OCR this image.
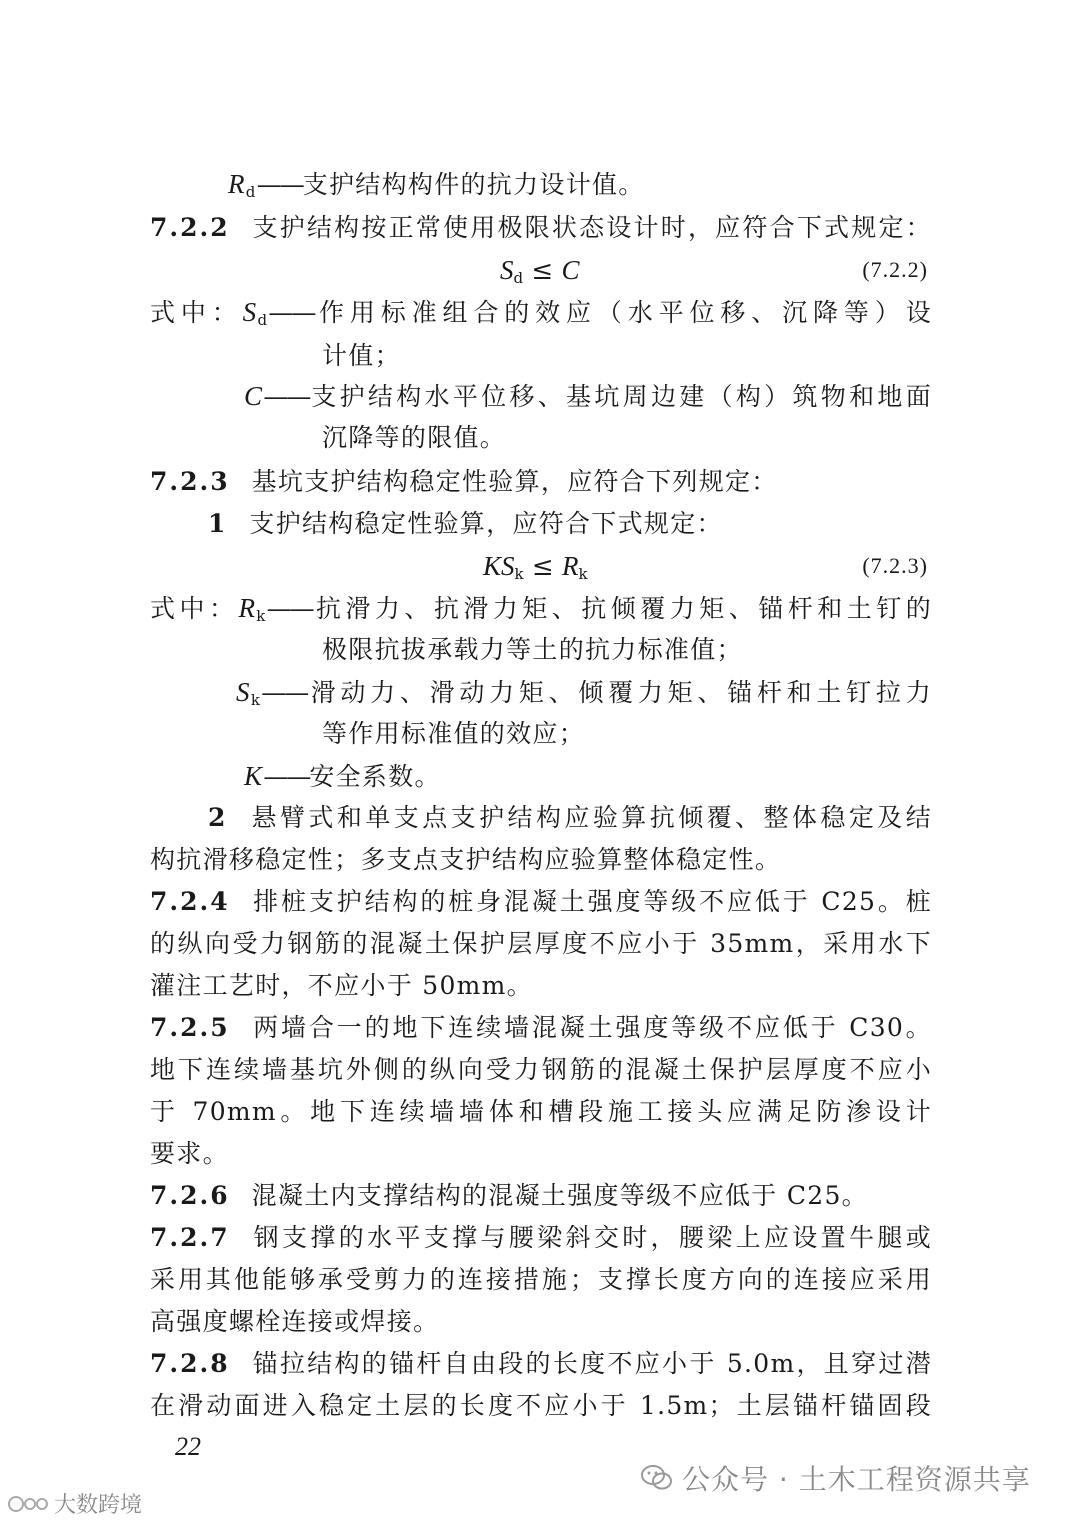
$R_d——$支护结构构件的抗力设计值。
7.2.2 支护结构按正常使用极限状态设计时，应符合下式规定：
$S_d \le C$	(7.2.2)
式中：$S_d——$作用标准组合的效应（水平位移、沉降等）设
计值；
C——支护结构水平位移、基坑周边建（构）筑物和地面
沉降等的限值。
7.2.3 基坑支护结构稳定性验算，应符合下列规定：
1 支护结构稳定性验算，应符合下式规定：
$KS_k \le R_k$	(7.2.3)
式中：$R_k——$抗滑力、抗滑力矩、抗倾覆力矩、锚杆和土钉的
极限抗拔承载力等土的抗力标准值；
$S_k——$滑动力、滑动力矩、倾覆力矩、锚杆和土钉拉力
等作用标准值的效应；
K——安全系数。
2 悬臂式和单支点支护结构应验算抗倾覆、整体稳定及结
构抗滑移稳定性；多支点支护结构应验算整体稳定性。
7.2.4 排桩支护结构的桩身混凝土强度等级不应低于 C25。桩
的纵向受力钢筋的混凝土保护层厚度不应小于 35mm，采用水下
灌注工艺时，不应小于 50mm。
7.2.5 两墙合一的地下连续墙混凝土强度等级不应低于 C30。
地下连续墙基坑外侧的纵向受力钢筋的混凝土保护层厚度不应小
于 70mm。地下连续墙墙体和槽段施工接头应满足防渗设计
要求。
7.2.6 混凝土内支撑结构的混凝土强度等级不应低于 C25。
7.2.7 钢支撑的水平支撑与腰梁斜交时，腰梁上应设置牛腿或
采用其他能够承受剪力的连接措施；支撑长度方向的连接应采用
高强度螺栓连接或焊接。
7.2.8 锚拉结构的锚杆自由段的长度不应小于 5.0m，且穿过潜
在滑动面进入稳定土层的长度不应小于 1.5m；土层锚杆锚固段
22
公众号 · 土木工程资源共享
大数跨境
